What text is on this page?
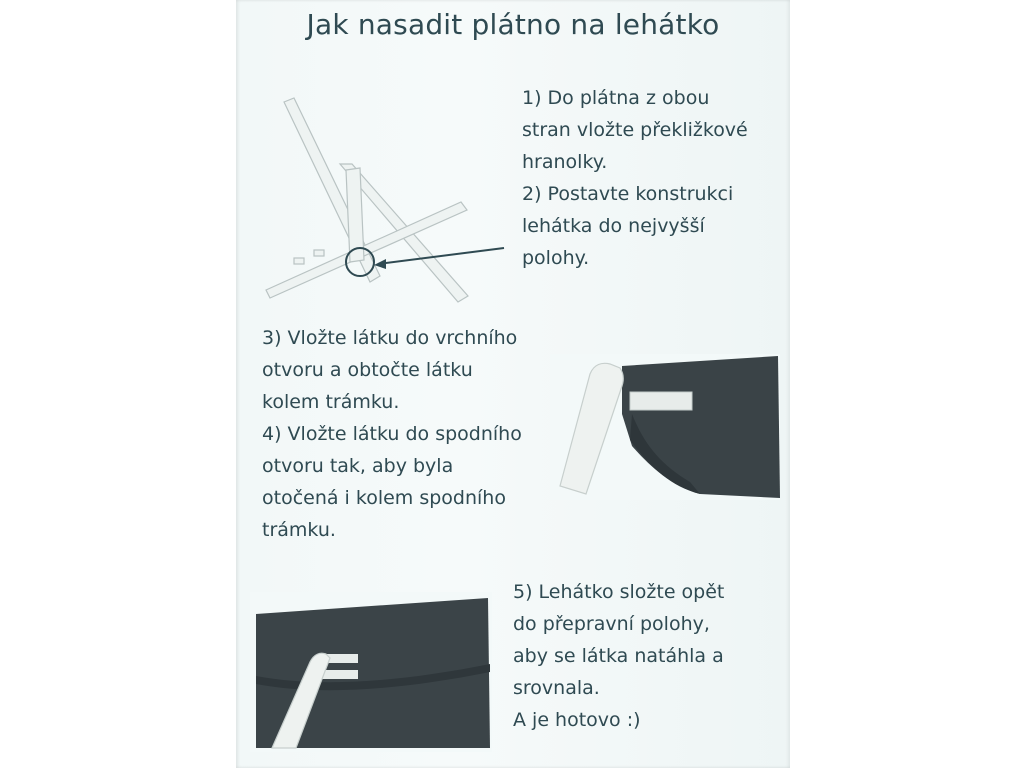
Jak nasadit plátno na lehátko
1) Do plátna z obou
stran vložte překližkové
hranolky.
2) Postavte konstrukci
lehátka do nejvyšší
polohy.
3) Vložte látku do vrchního
otvoru a obtočte látku
kolem trámku.
4) Vložte látku do spodního
otvoru tak, aby byla
otočená i kolem spodního
trámku.
5) Lehátko složte opět
do přepravní polohy,
aby se látka natáhla a
srovnala.
A je hotovo :)
